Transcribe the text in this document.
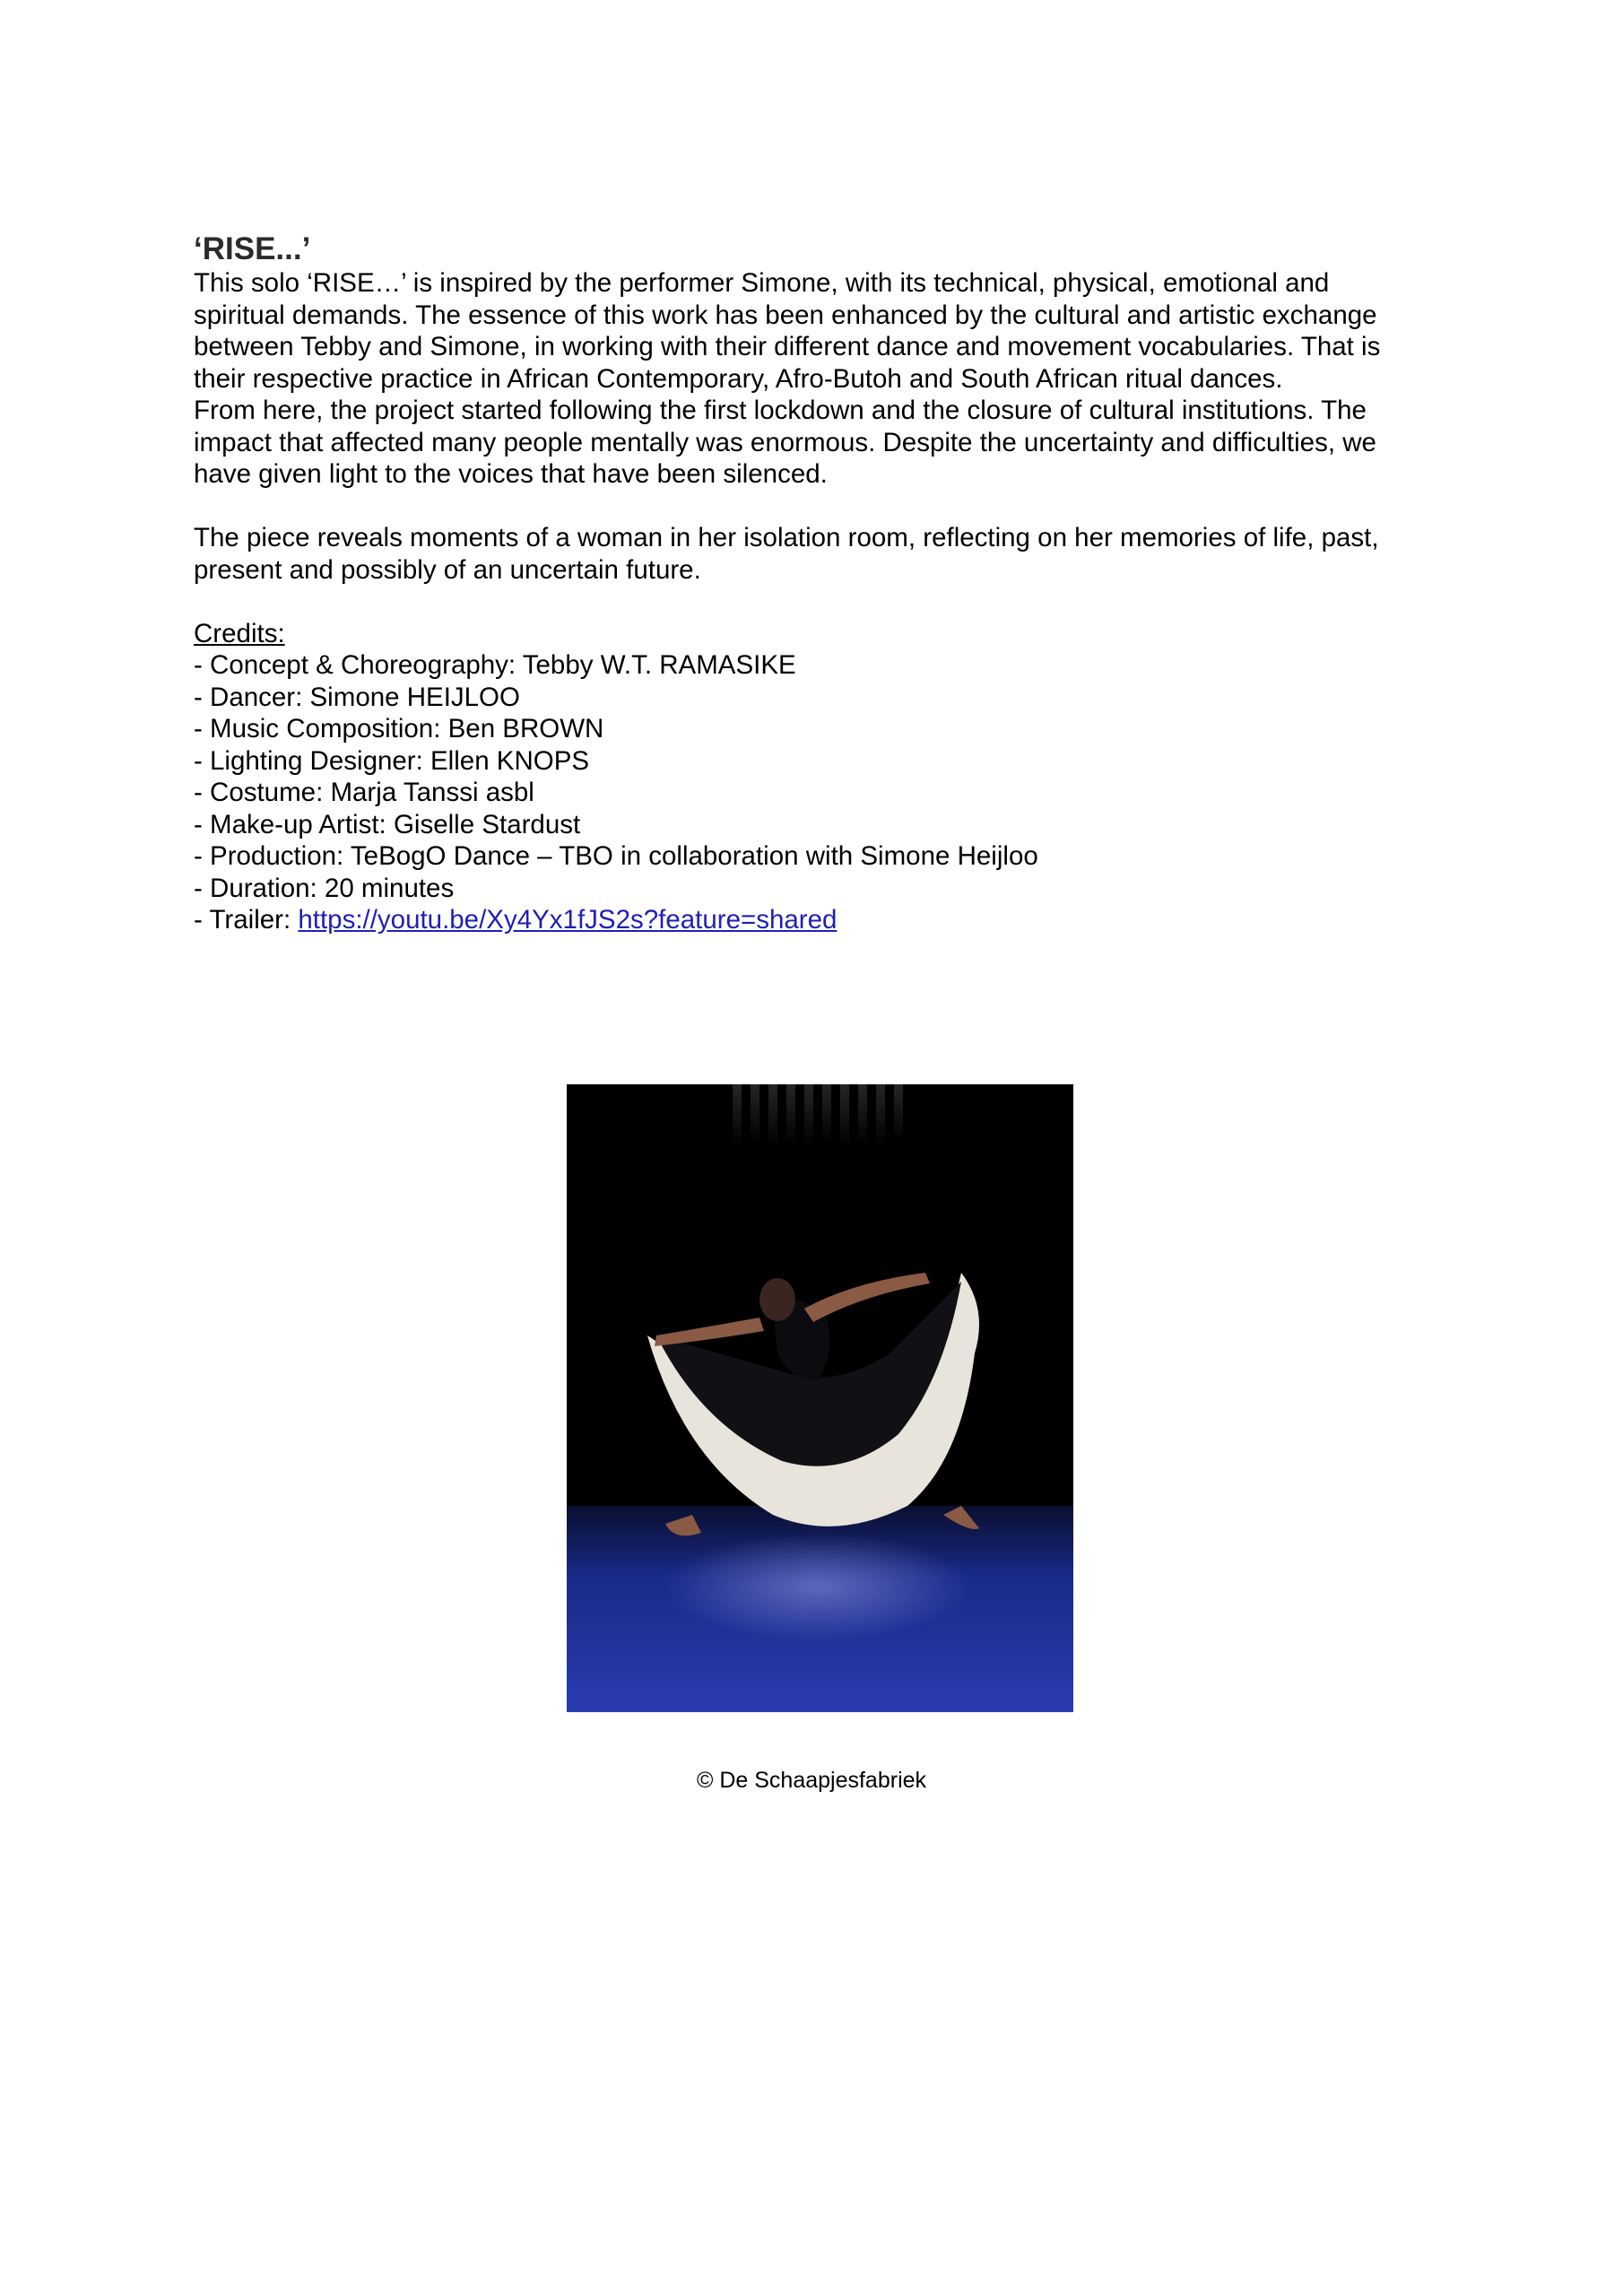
‘RISE...’

This solo ‘RISE…’ is inspired by the performer Simone, with its technical, physical, emotional and

spiritual demands. The essence of this work has been enhanced by the cultural and artistic exchange

between Tebby and Simone, in working with their different dance and movement vocabularies. That is

their respective practice in African Contemporary, Afro-Butoh and South African ritual dances.

From here, the project started following the first lockdown and the closure of cultural institutions. The

impact that affected many people mentally was enormous. Despite the uncertainty and difficulties, we

have given light to the voices that have been silenced.

The piece reveals moments of a woman in her isolation room, reflecting on her memories of life, past,

present and possibly of an uncertain future.

Credits:

- Concept & Choreography: Tebby W.T. RAMASIKE

- Dancer: Simone HEIJLOO

- Music Composition: Ben BROWN

- Lighting Designer: Ellen KNOPS

- Costume: Marja Tanssi asbl

- Make-up Artist: Giselle Stardust

- Production: TeBogO Dance – TBO in collaboration with Simone Heijloo

- Duration: 20 minutes

- Trailer: https://youtu.be/Xy4Yx1fJS2s?feature=shared

© De Schaapjesfabriek
